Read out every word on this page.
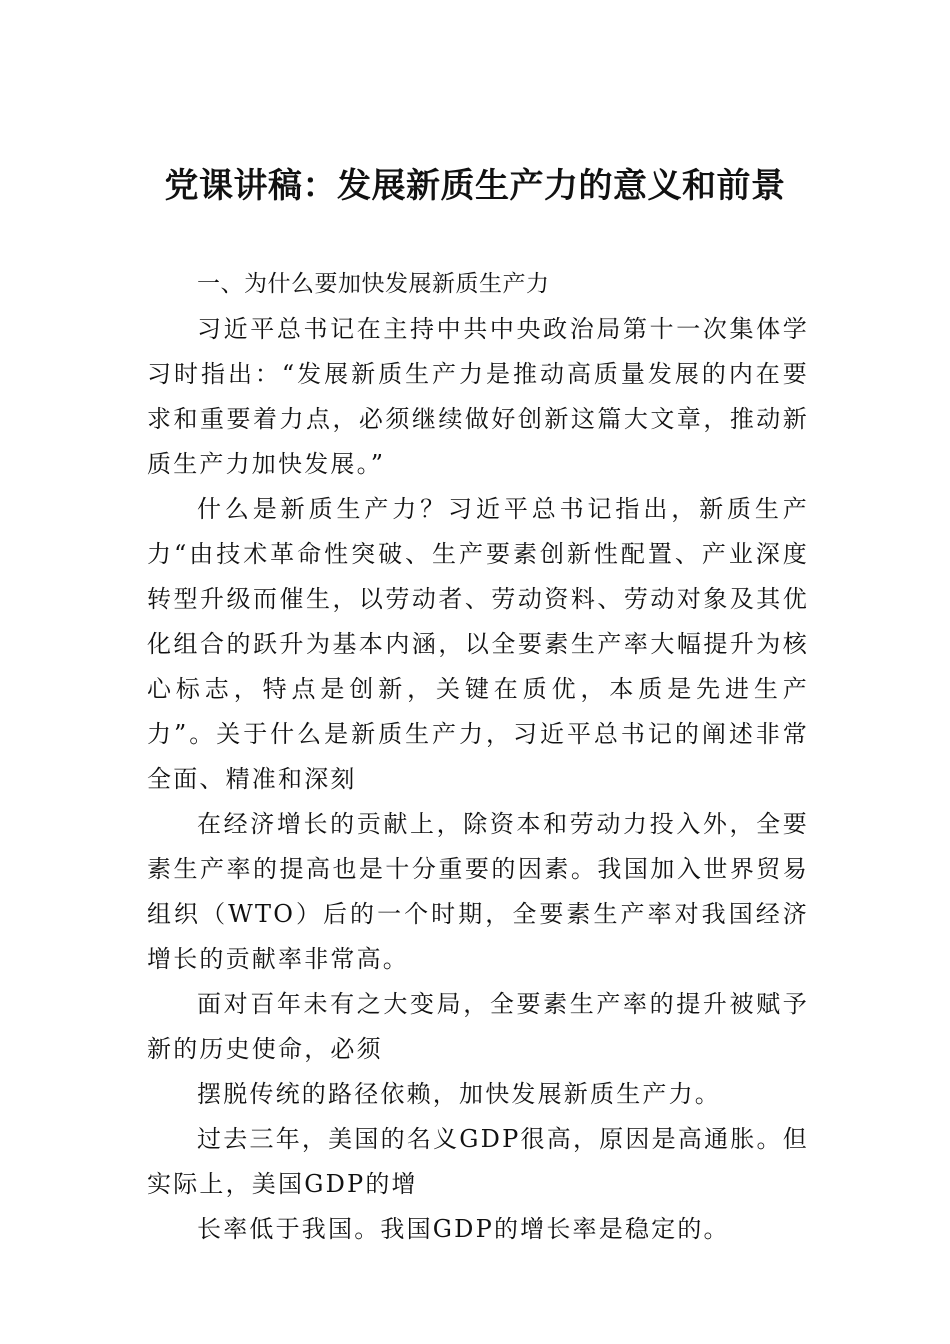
党课讲稿：发展新质生产力的意义和前景
一、为什么要加快发展新质生产力

习近平总书记在主持中共中央政治局第十一次集体学习时指出：“发展新质生产力是推动高质量发展的内在要求和重要着力点，必须继续做好创新这篇大文章，推动新质生产力加快发展。”

什么是新质生产力？习近平总书记指出，新质生产力“由技术革命性突破、生产要素创新性配置、产业深度转型升级而催生，以劳动者、劳动资料、劳动对象及其优化组合的跃升为基本内涵，以全要素生产率大幅提升为核心标志，特点是创新，关键在质优，本质是先进生产力”。关于什么是新质生产力，习近平总书记的阐述非常全面、精准和深刻

在经济增长的贡献上，除资本和劳动力投入外，全要素生产率的提高也是十分重要的因素。我国加入世界贸易组织（WTO）后的一个时期，全要素生产率对我国经济增长的贡献率非常高。

面对百年未有之大变局，全要素生产率的提升被赋予新的历史使命，必须

摆脱传统的路径依赖，加快发展新质生产力。

过去三年，美国的名义GDP很高，原因是高通胀。但实际上，美国GDP的增

长率低于我国。我国GDP的增长率是稳定的。
